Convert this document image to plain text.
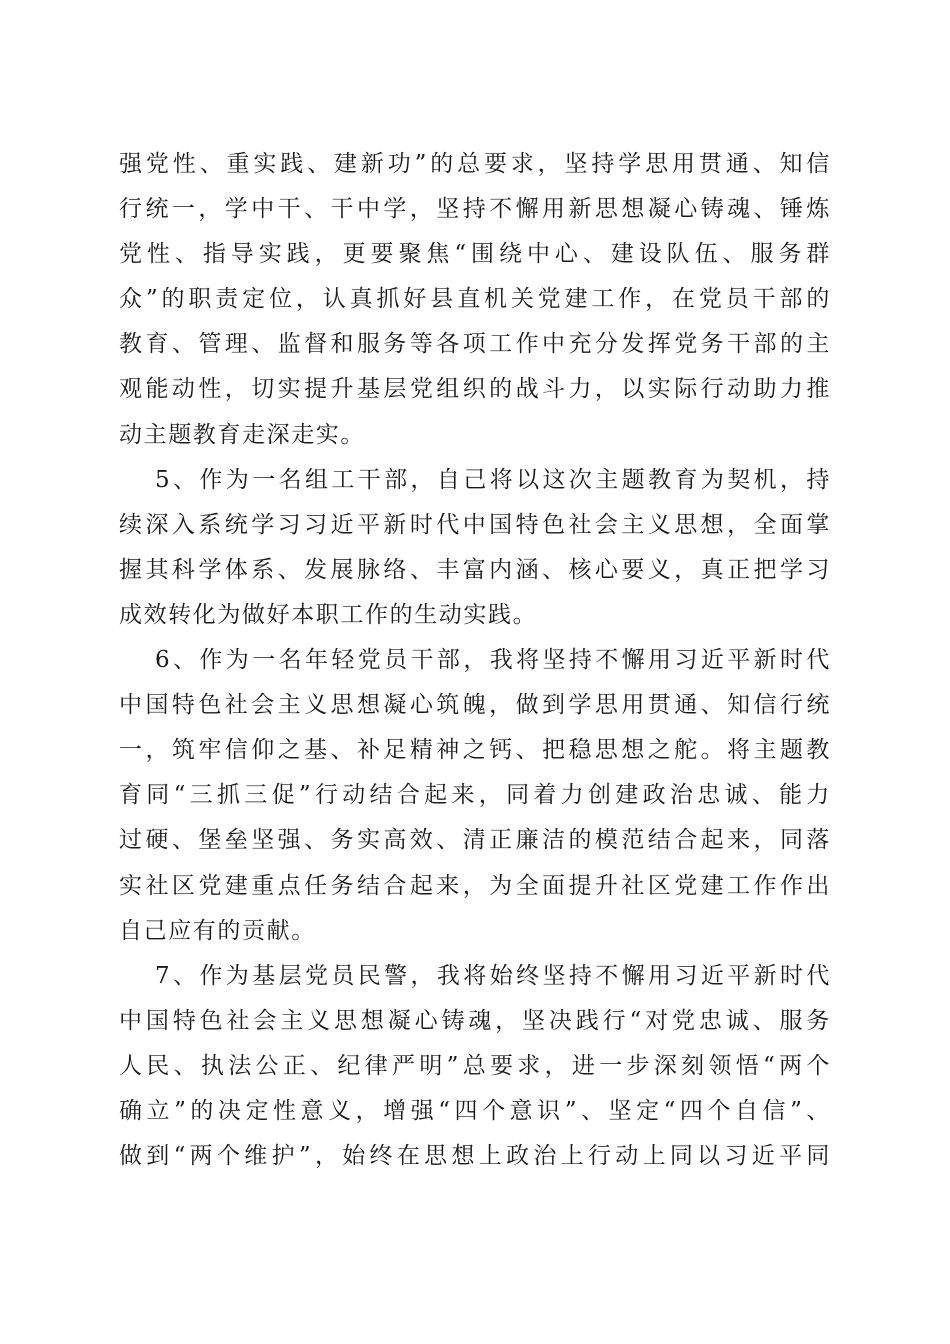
强党性、重实践、建新功”的总要求，坚持学思用贯通、知信
行统一，学中干、干中学，坚持不懈用新思想凝心铸魂、锤炼
党性、指导实践，更要聚焦“围绕中心、建设队伍、服务群
众”的职责定位，认真抓好县直机关党建工作，在党员干部的
教育、管理、监督和服务等各项工作中充分发挥党务干部的主
观能动性，切实提升基层党组织的战斗力，以实际行动助力推
动主题教育走深走实。
5、作为一名组工干部，自己将以这次主题教育为契机，持
续深入系统学习习近平新时代中国特色社会主义思想，全面掌
握其科学体系、发展脉络、丰富内涵、核心要义，真正把学习
成效转化为做好本职工作的生动实践。
6、作为一名年轻党员干部，我将坚持不懈用习近平新时代
中国特色社会主义思想凝心筑魄，做到学思用贯通、知信行统
一，筑牢信仰之基、补足精神之钙、把稳思想之舵。将主题教
育同“三抓三促”行动结合起来，同着力创建政治忠诚、能力
过硬、堡垒坚强、务实高效、清正廉洁的模范结合起来，同落
实社区党建重点任务结合起来，为全面提升社区党建工作作出
自己应有的贡献。
7、作为基层党员民警，我将始终坚持不懈用习近平新时代
中国特色社会主义思想凝心铸魂，坚决践行“对党忠诚、服务
人民、执法公正、纪律严明”总要求，进一步深刻领悟“两个
确立”的决定性意义，增强“四个意识”、坚定“四个自信”、
做到“两个维护”，始终在思想上政治上行动上同以习近平同
